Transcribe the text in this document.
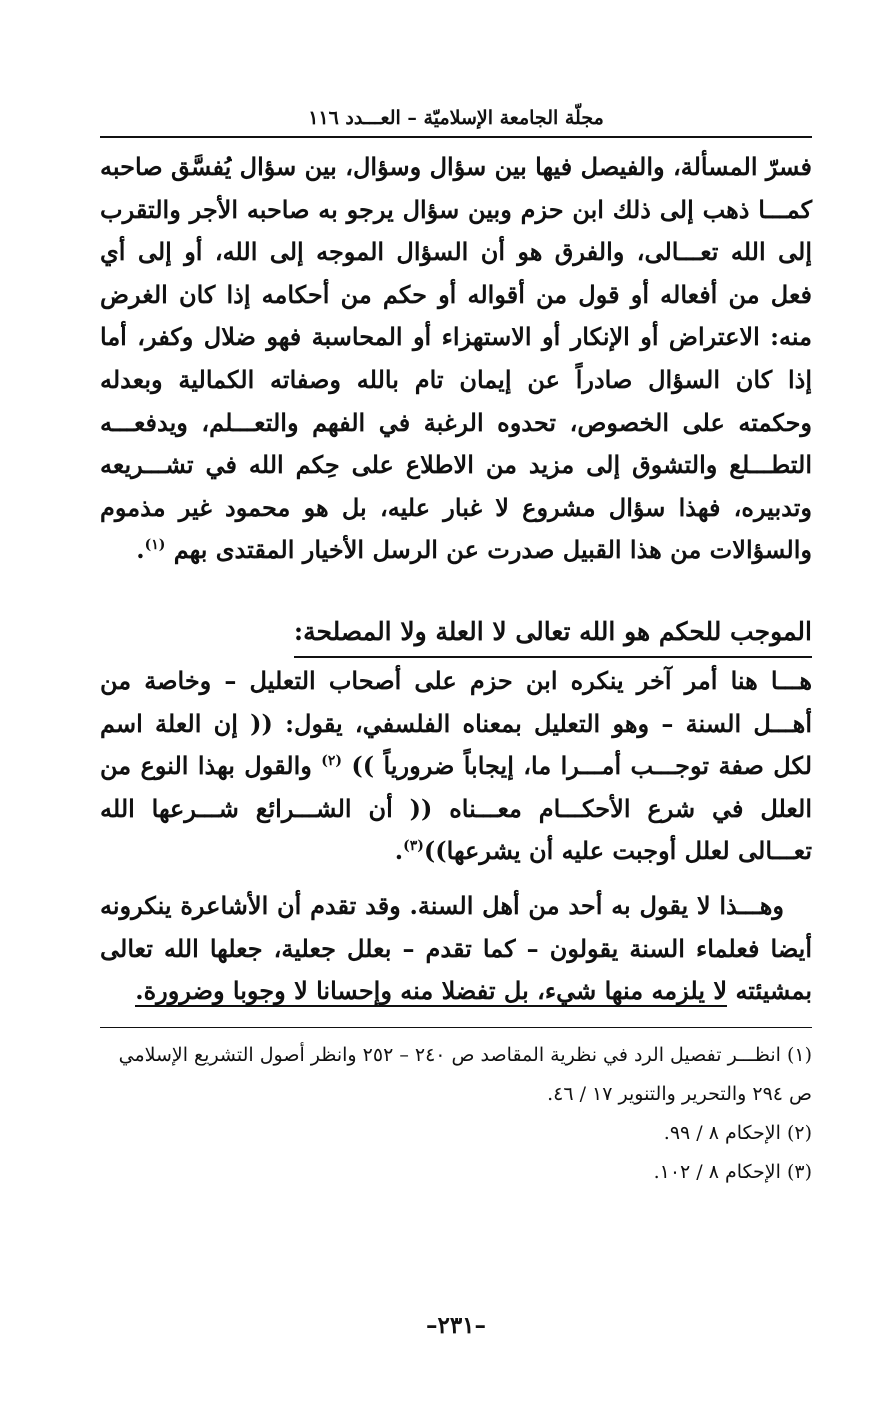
مجلّة الجامعة الإسلاميّة – العـــدد ١١٦

فسرّ المسألة، والفيصل فيها بين سؤال وسؤال، بين سؤال يُفسَّق صاحبه كمـــا ذهب إلى ذلك ابن حزم وبين سؤال يرجو به صاحبه الأجر والتقرب إلى الله تعـــالى، والفرق هو أن السؤال الموجه إلى الله، أو إلى أي فعل من أفعاله أو قول من أقواله أو حكم من أحكامه إذا كان الغرض منه: الاعتراض أو الإنكار أو الاستهزاء أو المحاسبة فهو ضلال وكفر، أما إذا كان السؤال صادراً عن إيمان تام بالله وصفاته الكمالية وبعدله وحكمته على الخصوص، تحدوه الرغبة في الفهم والتعـــلم، ويدفعـــه التطـــلع والتشوق إلى مزيد من الاطلاع على حِكم الله في تشـــريعه وتدبيره، فهذا سؤال مشروع لا غبار عليه، بل هو محمود غير مذموم والسؤالات من هذا القبيل صدرت عن الرسل الأخيار المقتدى بهم $^{(١)}$.

الموجب للحكم هو الله تعالى لا العلة ولا المصلحة:

هـــا هنا أمر آخر ينكره ابن حزم على أصحاب التعليل – وخاصة من أهـــل السنة – وهو التعليل بمعناه الفلسفي، يقول: (( إن العلة اسم لكل صفة توجـــب أمـــرا ما، إيجاباً ضرورياً )) $^{(٢)}$ والقول بهذا النوع من العلل في شرع الأحكـــام معـــناه (( أن الشـــرائع شـــرعها الله تعـــالى لعلل أوجبت عليه أن يشرعها))$^{(٣)}$.

وهـــذا لا يقول به أحد من أهل السنة. وقد تقدم أن الأشاعرة ينكرونه أيضا فعلماء السنة يقولون – كما تقدم – بعلل جعلية، جعلها الله تعالى بمشيئته لا يلزمه منها شيء، بل تفضلا منه وإحسانا لا وجوبا وضرورة.

(١) انظـــر تفصيل الرد في نظرية المقاصد ص ٢٤٠ – ٢٥٢ وانظر أصول التشريع الإسلامي
ص ٢٩٤ والتحرير والتنوير ١٧ / ٤٦.
(٢) الإحكام ٨ / ٩٩.
(٣) الإحكام ٨ / ١٠٢.
–٢٣١–
